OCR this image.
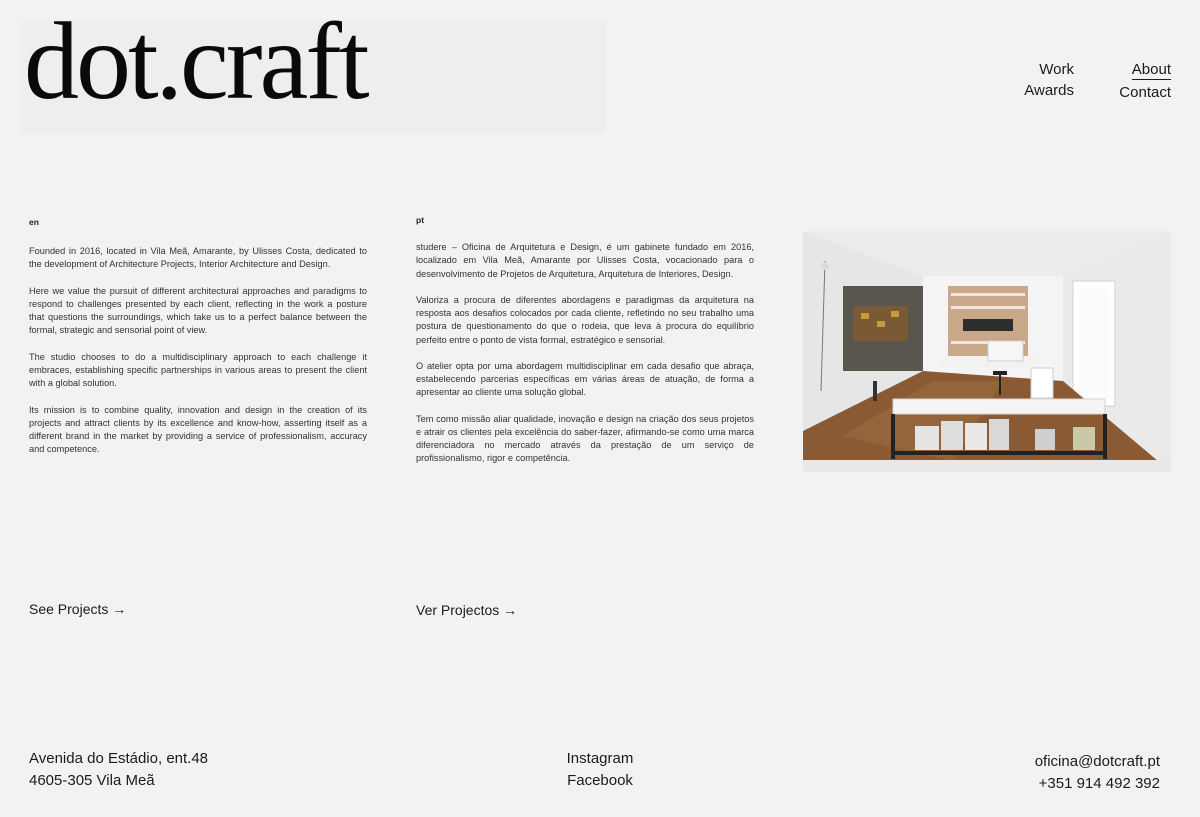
dot.craft	Work
Awards
About
Contact
en

Founded in 2016, located in Vila Meã, Amarante, by Ulisses Costa, dedicated to the development of Architecture Projects, Interior Architecture and Design.

Here we value the pursuit of different architectural approaches and paradigms to respond to challenges presented by each client, reflecting in the work a posture that questions the surroundings, which take us to a perfect balance between the formal, strategic and sensorial point of view.

The studio chooses to do a multidisciplinary approach to each challenge it embraces, establishing specific partnerships in various areas to present the client with a global solution.

Its mission is to combine quality, innovation and design in the creation of its projects and attract clients by its excellence and know-how, asserting itself as a different brand in the market by providing a service of professionalism, accuracy and competence.

pt

studere – Oficina de Arquitetura e Design, é um gabinete fundado em 2016, localizado em Vila Meã, Amarante por Ulisses Costa, vocacionado para o desenvolvimento de Projetos de Arquitetura, Arquitetura de Interiores, Design.

Valoriza a procura de diferentes abordagens e paradigmas da arquitetura na resposta aos desafios colocados por cada cliente, refletindo no seu trabalho uma postura de questionamento do que o rodeia, que leva à procura do equilíbrio perfeito entre o ponto de vista formal, estratégico e sensorial.

O atelier opta por uma abordagem multidisciplinar em cada desafio que abraça, estabelecendo parcerias específicas em várias áreas de atuação, de forma a apresentar ao cliente uma solução global.

Tem como missão aliar qualidade, inovação e design na criação dos seus projetos e atrair os clientes pela excelência do saber-fazer, afirmando-se como uma marca diferenciadora no mercado através da prestação de um serviço de profissionalismo, rigor e competência.

See Projects →	Ver Projectos →
Avenida do Estádio, ent.48
4605-305 Vila Meã
Instagram
Facebook
oficina@dotcraft.pt
+351 914 492 392
